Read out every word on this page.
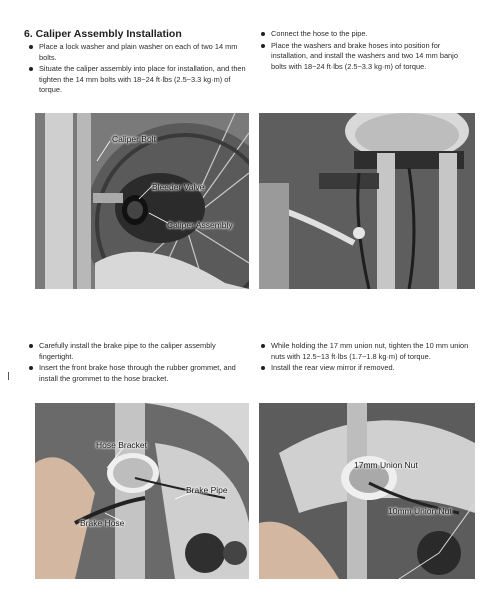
6. Caliper Assembly Installation
Place a lock washer and plain washer on each of two 14 mm bolts.
Situate the caliper assembly into place for installation, and then tighten the 14 mm bolts with 18~24 ft·lbs (2.5~3.3 kg·m) of torque.
Connect the hose to the pipe.
Place the washers and brake hoses into position for installation, and install the washers and two 14 mm banjo bolts with 18~24 ft·lbs (2.5~3.3 kg·m) of torque.
Caliper Bolt
Bleeder Valve
Caliper Assembly
Carefully install the brake pipe to the caliper assembly fingertight.
Insert the front brake hose through the rubber grommet, and install the grommet to the hose bracket.
While holding the 17 mm union nut, tighten the 10 mm union nuts with 12.5~13 ft·lbs (1.7~1.8 kg·m) of torque.
Install the rear view mirror if removed.
Hose Bracket
Brake Pipe
Brake Hose
17mm Union Nut
10mm Union Nut
